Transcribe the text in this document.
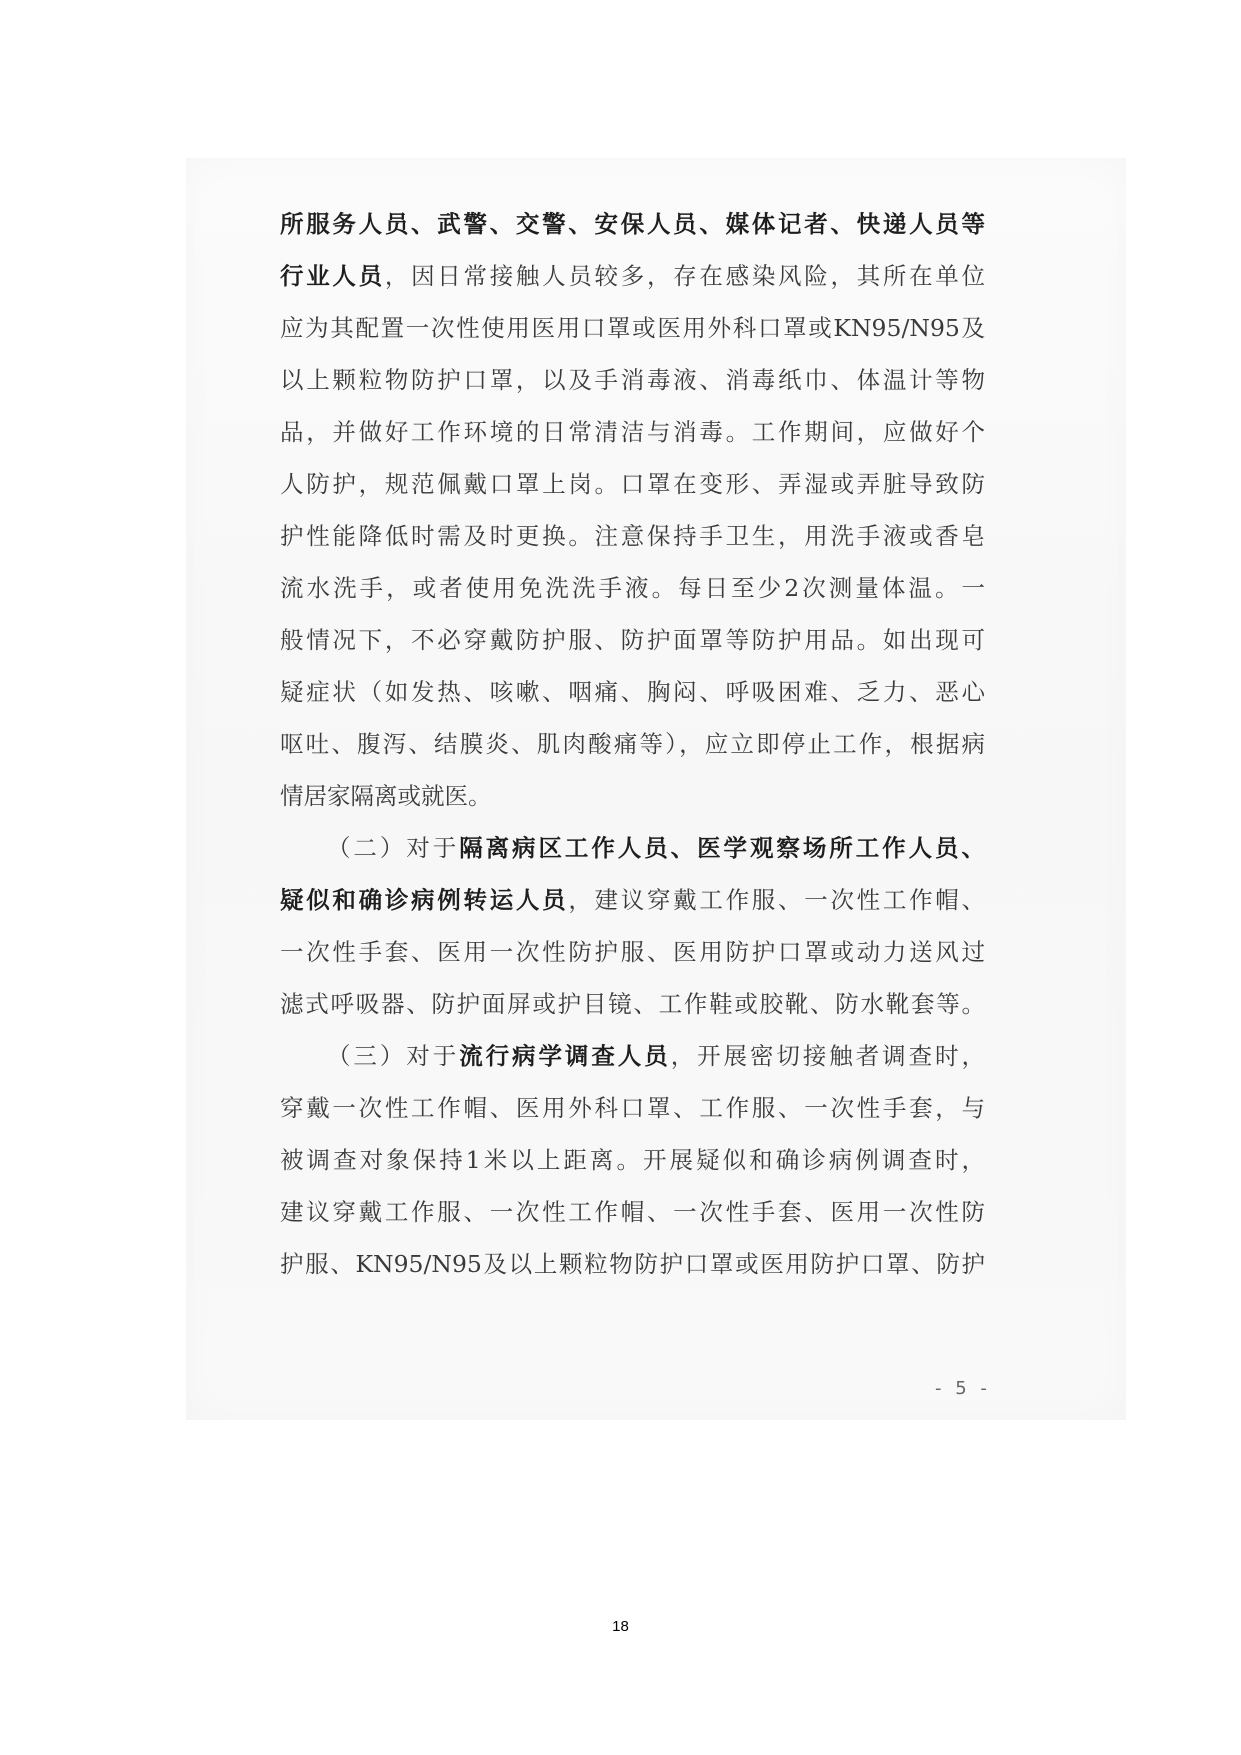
所服务人员、武警、交警、安保人员、媒体记者、快递人员等
行业人员，因日常接触人员较多，存在感染风险，其所在单位
应为其配置一次性使用医用口罩或医用外科口罩或KN95/N95及
以上颗粒物防护口罩，以及手消毒液、消毒纸巾、体温计等物
品，并做好工作环境的日常清洁与消毒。工作期间，应做好个
人防护，规范佩戴口罩上岗。口罩在变形、弄湿或弄脏导致防
护性能降低时需及时更换。注意保持手卫生，用洗手液或香皂
流水洗手，或者使用免洗洗手液。每日至少2次测量体温。一
般情况下，不必穿戴防护服、防护面罩等防护用品。如出现可
疑症状（如发热、咳嗽、咽痛、胸闷、呼吸困难、乏力、恶心
呕吐、腹泻、结膜炎、肌肉酸痛等），应立即停止工作，根据病
情居家隔离或就医。
（二）对于隔离病区工作人员、医学观察场所工作人员、
疑似和确诊病例转运人员，建议穿戴工作服、一次性工作帽、
一次性手套、医用一次性防护服、医用防护口罩或动力送风过
滤式呼吸器、防护面屏或护目镜、工作鞋或胶靴、防水靴套等。
（三）对于流行病学调查人员，开展密切接触者调查时，
穿戴一次性工作帽、医用外科口罩、工作服、一次性手套，与
被调查对象保持1米以上距离。开展疑似和确诊病例调查时，
建议穿戴工作服、一次性工作帽、一次性手套、医用一次性防
护服、KN95/N95及以上颗粒物防护口罩或医用防护口罩、防护
- 5 -
18
